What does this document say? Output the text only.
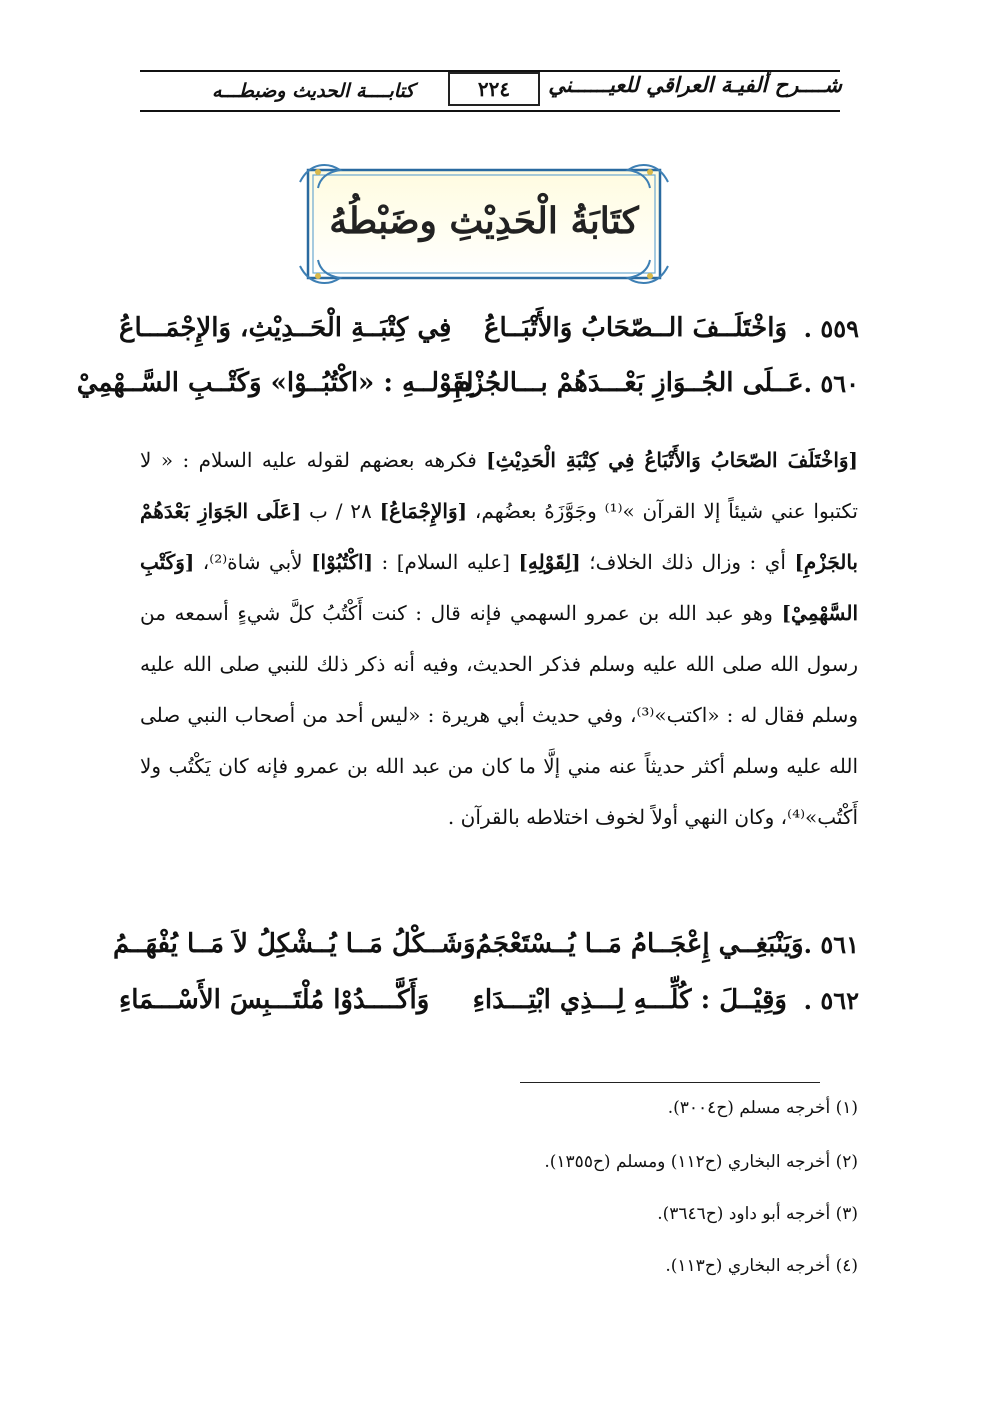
شــــرح ألفيـة العراقي للعيــــــني
٢٢٤
كتابــــة الحديث وضبطـــه
كتَابَةُ الْحَدِيْثِ وضَبْطُهُ
٥٥٩ .
وَاخْتَلَــفَ الــصّحَابُ وَالأَتْبَــاعُ
فِي كِتْبَــةِ الْحَــدِيْثِ، وَالإِجْمَـــاعُ
٥٦٠ .
عَــلَى الجُــوَازِ بَعْـــدَهُمْ بـــالجُزْمِ
لِقَوْلــهِ : «اكْتُبُــوْا» وَكَتْــبِ السَّــهْمِيْ

[وَاخْتَلَفَ الصّحَابُ وَالأَتْبَاعُ فِي كِتْبَةِ الْحَدِيْثِ] فكرهه بعضهم لقوله عليه السلام : « لا تكتبوا عني شيئاً إلا القرآن »⁽¹⁾ وجَوَّزَهُ بعضُهم، [وَالإِجْمَاعُ] ٢٨ / ب [عَلَى الجَوَازِ بَعْدَهُمْ بالجَزْمِ] أي : وزال ذلك الخلاف؛ [لِقَوْلِهِ] [عليه السلام] : [اكْتُبُوْا] لأبي شاة⁽²⁾، [وَكَتْبِ السَّهْمِيْ] وهو عبد الله بن عمرو السهمي فإنه قال : كنت أَكْتُبُ كلَّ شيءٍ أسمعه من رسول الله صلى الله عليه وسلم فذكر الحديث، وفيه أنه ذكر ذلك للنبي صلى الله عليه وسلم فقال له : «اكتب»⁽³⁾، وفي حديث أبي هريرة : «ليس أحد من أصحاب النبي صلى الله عليه وسلم أكثر حديثاً عنه مني إلَّا ما كان من عبد الله بن عمرو فإنه كان يَكْتُب ولا أَكْتُب»⁽⁴⁾، وكان النهي أولاً لخوف اختلاطه بالقرآن .

٥٦١ .
وَيَنْبَغِــي إِعْجَــامُ مَــا يُــسْتَعْجَمُ
وَشَــكْلُ مَــا يُــشْكِلُ لاَ مَــا يُفْهَــمُ
٥٦٢ .
وَقِيْــلَ : كُلِّـــهِ لِـــذِي ابْتِـــدَاءِ
وَأَكَّــــدُوْا مُلْتَـــبِسَ الأَسْـــمَاءِ
(١) أخرجه مسلم (ح٣٠٠٤).
(٢) أخرجه البخاري (ح١١٢) ومسلم (ح١٣٥٥).
(٣) أخرجه أبو داود (ح٣٦٤٦).
(٤) أخرجه البخاري (ح١١٣).
